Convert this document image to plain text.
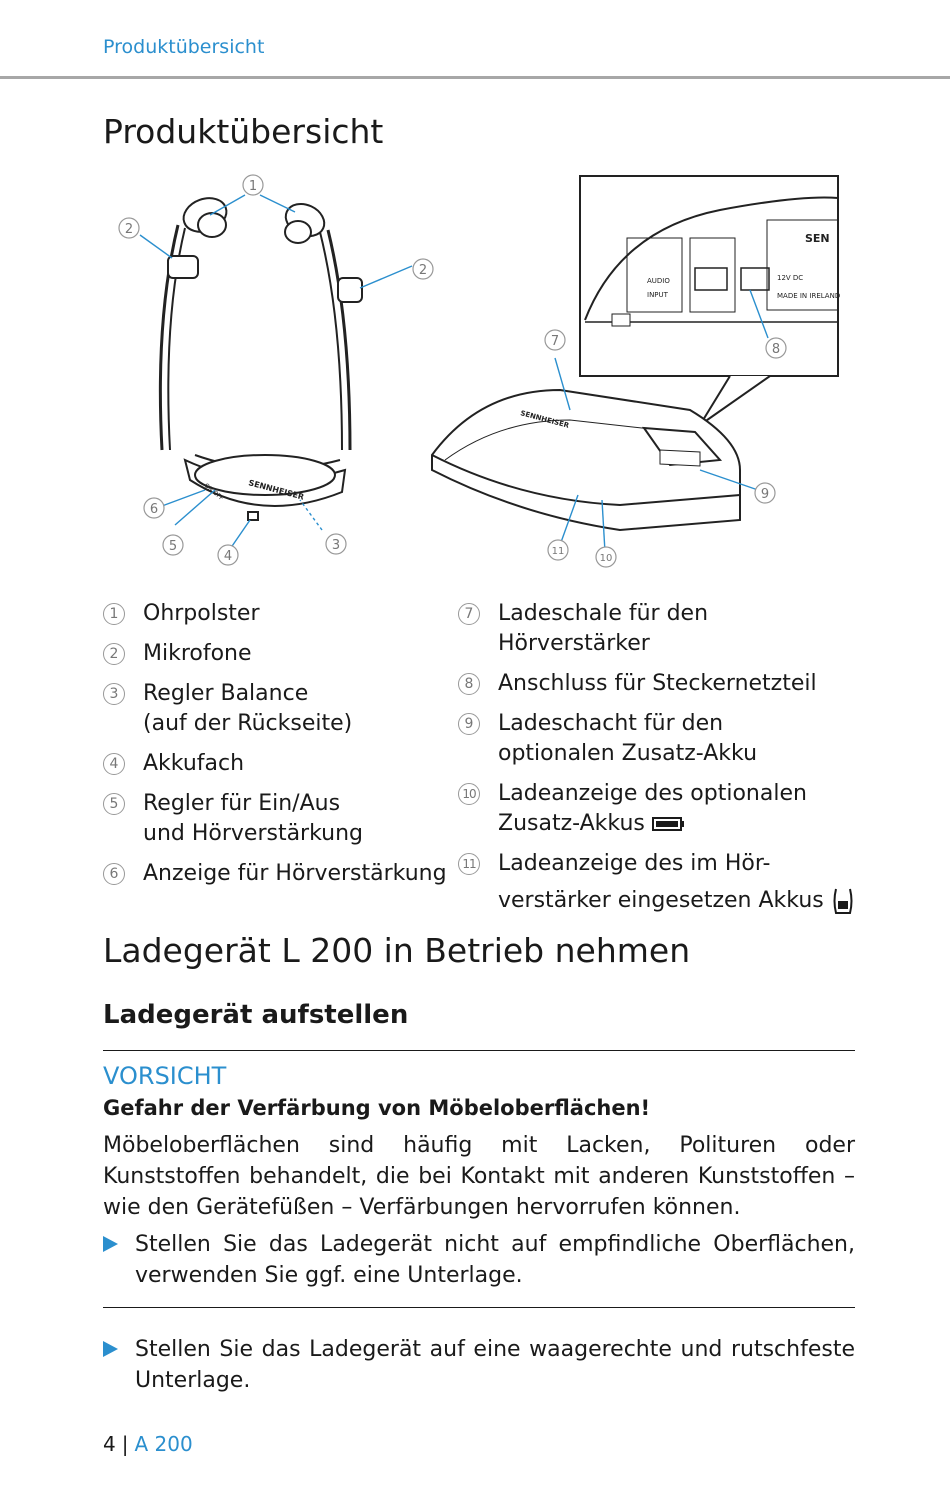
Produktübersicht
Produktübersicht
SENNHEISER
ON OFF
AUDIO
INPUT
12V DC
MADE IN IRELAND
SEN
SENNHEISER
1
2
2
3
4
5
6
7
8
9
10
11
1 Ohrpolster
2 Mikrofone
3 Regler Balance
(auf der Rückseite)
4 Akkufach
5 Regler für Ein/Aus
und Hörverstärkung
6 Anzeige für Hörverstärkung
7 Ladeschale für den Hörverstärker
8 Anschluss für Steckernetzteil
9 Ladeschacht für den
optionalen Zusatz-Akku
10 Ladeanzeige des optionalen
Zusatz-Akkus
11 Ladeanzeige des im Hör-
verstärker eingesetzen Akkus
Ladegerät L 200 in Betrieb nehmen
Ladegerät aufstellen
VORSICHT
Gefahr der Verfärbung von Möbeloberflächen!
Möbeloberflächen sind häufig mit Lacken, Polituren oder Kunststoffen behandelt, die bei Kontakt mit anderen Kunststoffen – wie den Gerätefüßen – Verfärbungen hervorrufen können.
Stellen Sie das Ladegerät nicht auf empfindliche Oberflächen, verwenden Sie ggf. eine Unterlage.
Stellen Sie das Ladegerät auf eine waagerechte und rutschfeste Unterlage.
4 | A 200
